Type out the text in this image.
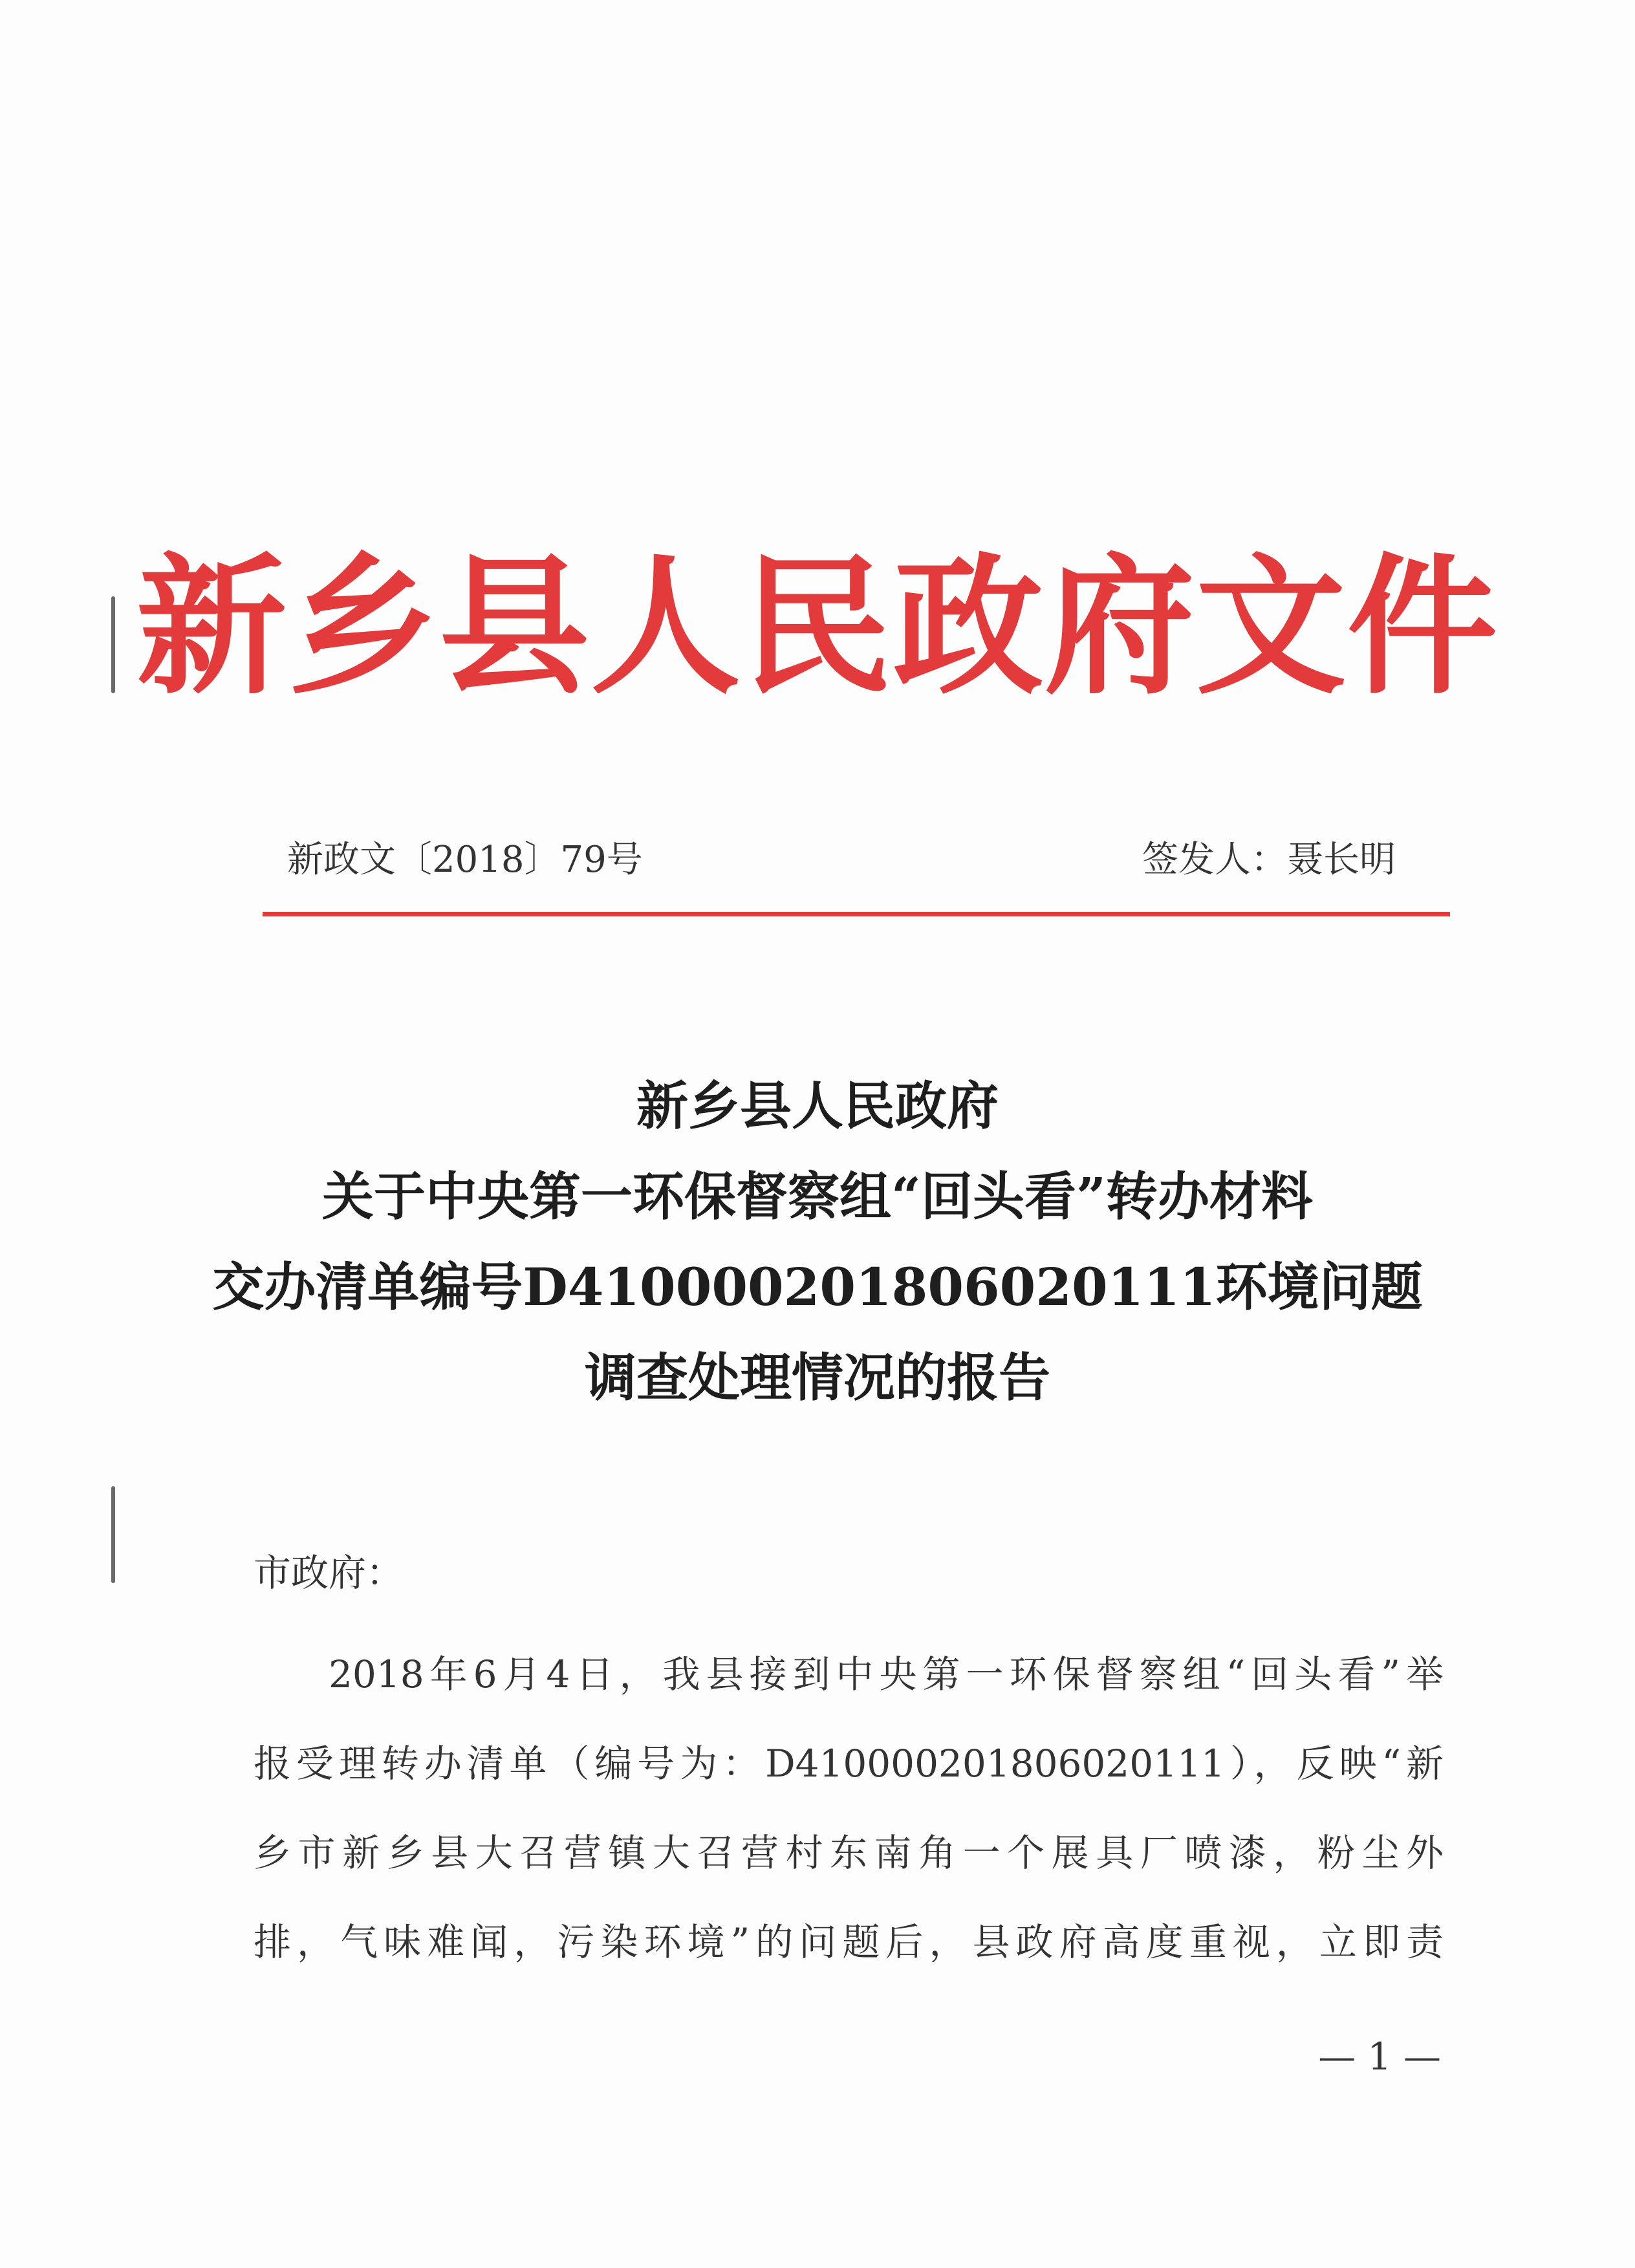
新乡县人民政府文件
新政文〔2018〕79号	签发人：聂长明
新乡县人民政府
关于中央第一环保督察组“回头看”转办材料
交办清单编号D410000201806020111环境问题
调查处理情况的报告
市政府：
2018年6月4日，我县接到中央第一环保督察组“回头看”举
报受理转办清单（编号为：D410000201806020111），反映“新
乡市新乡县大召营镇大召营村东南角一个展具厂喷漆，粉尘外
排，气味难闻，污染环境”的问题后，县政府高度重视，立即责
— 1 —
